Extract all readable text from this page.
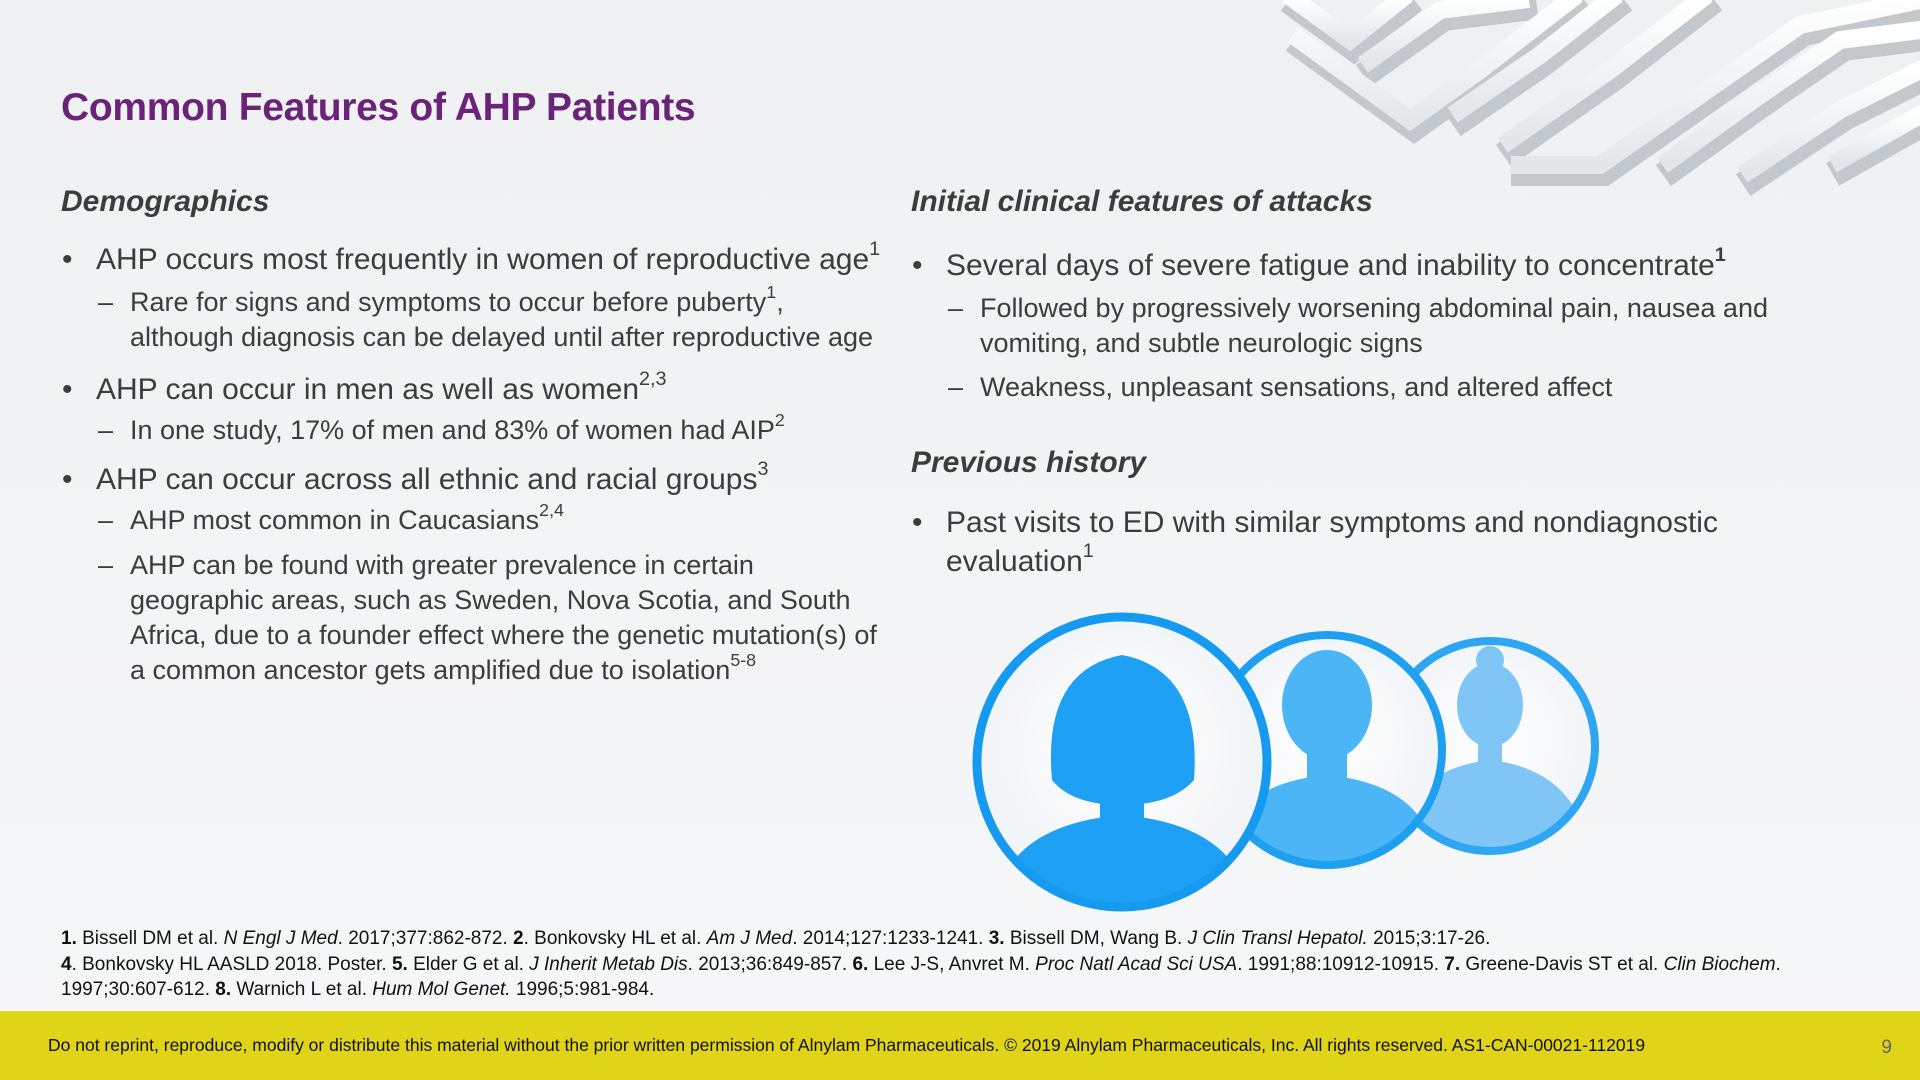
Common Features of AHP Patients
Demographics
• AHP occurs most frequently in women of reproductive age$^1$
– Rare for signs and symptoms to occur before puberty$^1$, although diagnosis can be delayed until after reproductive age
• AHP can occur in men as well as women$^{2,3}$
– In one study, 17% of men and 83% of women had AIP$^2$
• AHP can occur across all ethnic and racial groups$^3$
– AHP most common in Caucasians$^{2,4}$
– AHP can be found with greater prevalence in certain geographic areas, such as Sweden, Nova Scotia, and South Africa, due to a founder effect where the genetic mutation(s) of a common ancestor gets amplified due to isolation$^{5-8}$
Initial clinical features of attacks
• Several days of severe fatigue and inability to concentrate$^1$
– Followed by progressively worsening abdominal pain, nausea and vomiting, and subtle neurologic signs
– Weakness, unpleasant sensations, and altered affect
Previous history
• Past visits to ED with similar symptoms and nondiagnostic evaluation$^1$
1. Bissell DM et al. N Engl J Med. 2017;377:862-872. 2. Bonkovsky HL et al. Am J Med. 2014;127:1233-1241. 3. Bissell DM, Wang B. J Clin Transl Hepatol. 2015;3:17-26.
4. Bonkovsky HL AASLD 2018. Poster. 5. Elder G et al. J Inherit Metab Dis. 2013;36:849-857. 6. Lee J-S, Anvret M. Proc Natl Acad Sci USA. 1991;88:10912-10915. 7. Greene-Davis ST et al. Clin Biochem. 1997;30:607-612. 8. Warnich L et al. Hum Mol Genet. 1996;5:981-984.
Do not reprint, reproduce, modify or distribute this material without the prior written permission of Alnylam Pharmaceuticals. © 2019 Alnylam Pharmaceuticals, Inc. All rights reserved. AS1-CAN-00021-112019	9
